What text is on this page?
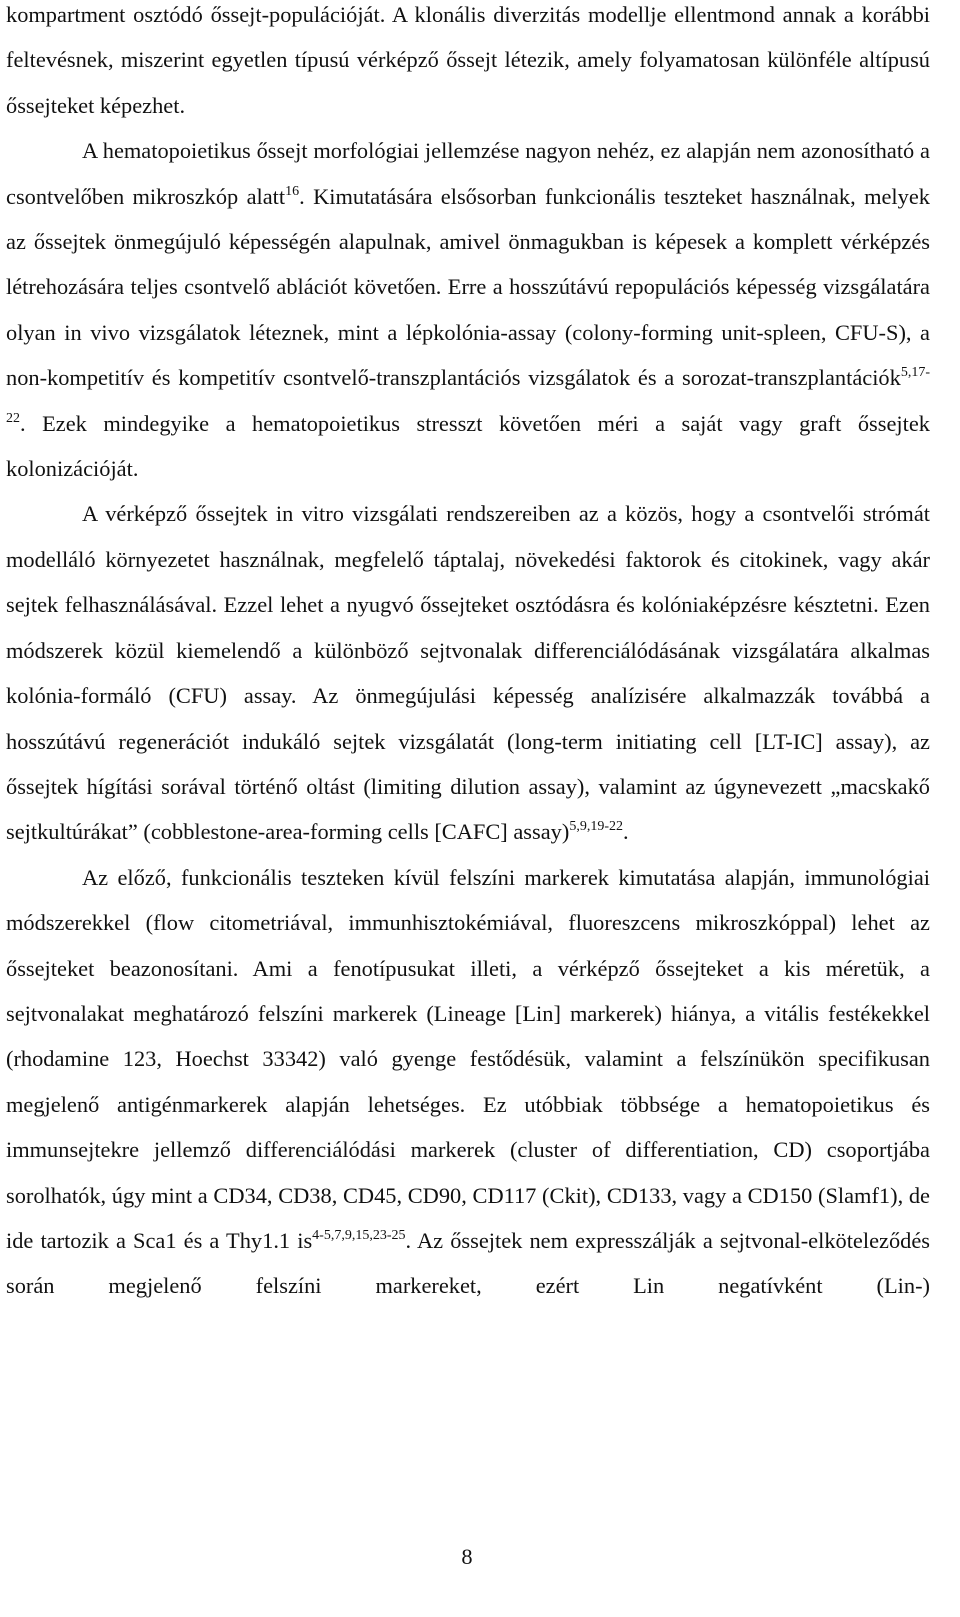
kompartment osztódó őssejt-populációját. A klonális diverzitás modellje ellentmond annak a korábbi feltevésnek, miszerint egyetlen típusú vérképző őssejt létezik, amely folyamatosan különféle altípusú őssejteket képezhet.

A hematopoietikus őssejt morfológiai jellemzése nagyon nehéz, ez alapján nem azonosítható a csontvelőben mikroszkóp alatt$^{16}$. Kimutatására elsősorban funkcionális teszteket használnak, melyek az őssejtek önmegújuló képességén alapulnak, amivel önmagukban is képesek a komplett vérképzés létrehozására teljes csontvelő ablációt követően. Erre a hosszútávú repopulációs képesség vizsgálatára olyan in vivo vizsgálatok léteznek, mint a lépkolónia-assay (colony-forming unit-spleen, CFU-S), a non-kompetitív és kompetitív csontvelő-transzplantációs vizsgálatok és a sorozat-transzplantációk$^{5,17-22}$. Ezek mindegyike a hematopoietikus stresszt követően méri a saját vagy graft őssejtek kolonizációját.

A vérképző őssejtek in vitro vizsgálati rendszereiben az a közös, hogy a csontvelői strómát modelláló környezetet használnak, megfelelő táptalaj, növekedési faktorok és citokinek, vagy akár sejtek felhasználásával. Ezzel lehet a nyugvó őssejteket osztódásra és kolóniaképzésre késztetni. Ezen módszerek közül kiemelendő a különböző sejtvonalak differenciálódásának vizsgálatára alkalmas kolónia-formáló (CFU) assay. Az önmegújulási képesség analízisére alkalmazzák továbbá a hosszútávú regenerációt indukáló sejtek vizsgálatát (long-term initiating cell [LT-IC] assay), az őssejtek hígítási sorával történő oltást (limiting dilution assay), valamint az úgynevezett „macskakő sejtkultúrákat” (cobblestone-area-forming cells [CAFC] assay)$^{5,9,19-22}$.

Az előző, funkcionális teszteken kívül felszíni markerek kimutatása alapján, immunológiai módszerekkel (flow citometriával, immunhisztokémiával, fluoreszcens mikroszkóppal) lehet az őssejteket beazonosítani. Ami a fenotípusukat illeti, a vérképző őssejteket a kis méretük, a sejtvonalakat meghatározó felszíni markerek (Lineage [Lin] markerek) hiánya, a vitális festékekkel (rhodamine 123, Hoechst 33342) való gyenge festődésük, valamint a felszínükön specifikusan megjelenő antigénmarkerek alapján lehetséges. Ez utóbbiak többsége a hematopoietikus és immunsejtekre jellemző differenciálódási markerek (cluster of differentiation, CD) csoportjába sorolhatók, úgy mint a CD34, CD38, CD45, CD90, CD117 (Ckit), CD133, vagy a CD150 (Slamf1), de ide tartozik a Sca1 és a Thy1.1 is$^{4-5,7,9,15,23-25}$. Az őssejtek nem expresszálják a sejtvonal-elköteleződés során megjelenő felszíni markereket, ezért Lin negatívként (Lin-)

8
